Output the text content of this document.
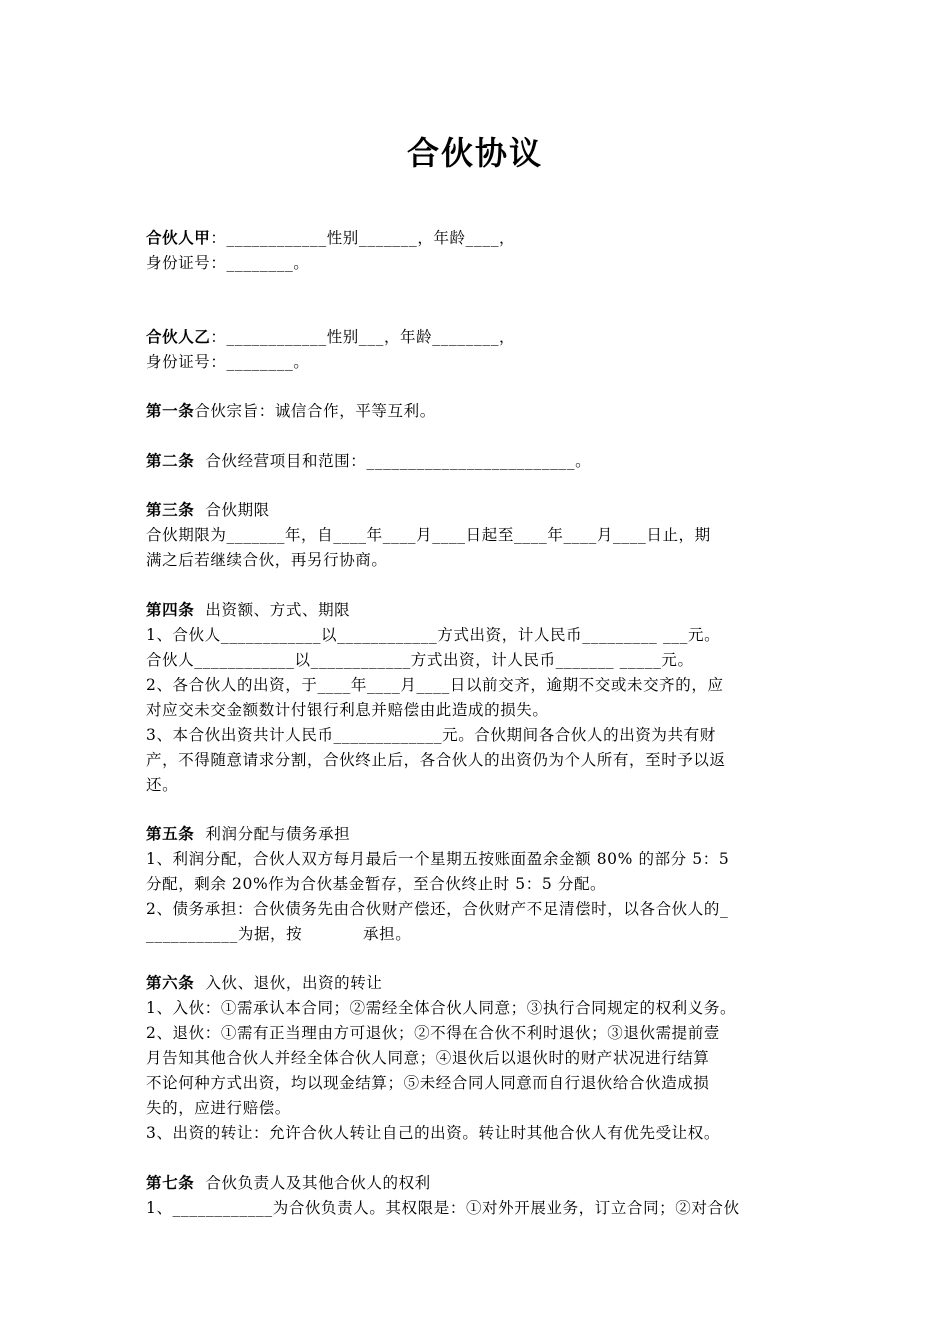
合伙协议
合伙人甲：____________性别_______，年龄____，
身份证号：________。
合伙人乙：____________性别___，年龄________，
身份证号：________。
第一条合伙宗旨：诚信合作，平等互利。
第二条  合伙经营项目和范围：_________________________。
第三条  合伙期限
合伙期限为_______年，自____年____月____日起至____年____月____日止，期
满之后若继续合伙，再另行协商。
第四条  出资额、方式、期限
1、合伙人____________以____________方式出资，计人民币_________ ___元。
合伙人____________以____________方式出资，计人民币_______ _____元。
2、各合伙人的出资，于____年____月____日以前交齐，逾期不交或未交齐的，应
对应交未交金额数计付银行利息并赔偿由此造成的损失。
3、本合伙出资共计人民币_____________元。合伙期间各合伙人的出资为共有财
产，不得随意请求分割，合伙终止后，各合伙人的出资仍为个人所有，至时予以返
还。
第五条  利润分配与债务承担
1、利润分配，合伙人双方每月最后一个星期五按账面盈余金额 80% 的部分 5：5
分配，剩余 20%作为合伙基金暂存，至合伙终止时 5：5 分配。
2、债务承担：合伙债务先由合伙财产偿还，合伙财产不足清偿时，以各合伙人的_
___________为据，按           承担。
第六条  入伙、退伙，出资的转让
1、入伙：①需承认本合同；②需经全体合伙人同意；③执行合同规定的权利义务。
2、退伙：①需有正当理由方可退伙；②不得在合伙不利时退伙；③退伙需提前壹
月告知其他合伙人并经全体合伙人同意；④退伙后以退伙时的财产状况进行结算
不论何种方式出资，均以现金结算；⑤未经合同人同意而自行退伙给合伙造成损
失的，应进行赔偿。
3、出资的转让：允许合伙人转让自己的出资。转让时其他合伙人有优先受让权。
第七条  合伙负责人及其他合伙人的权利
1、____________为合伙负责人。其权限是：①对外开展业务，订立合同；②对合伙
